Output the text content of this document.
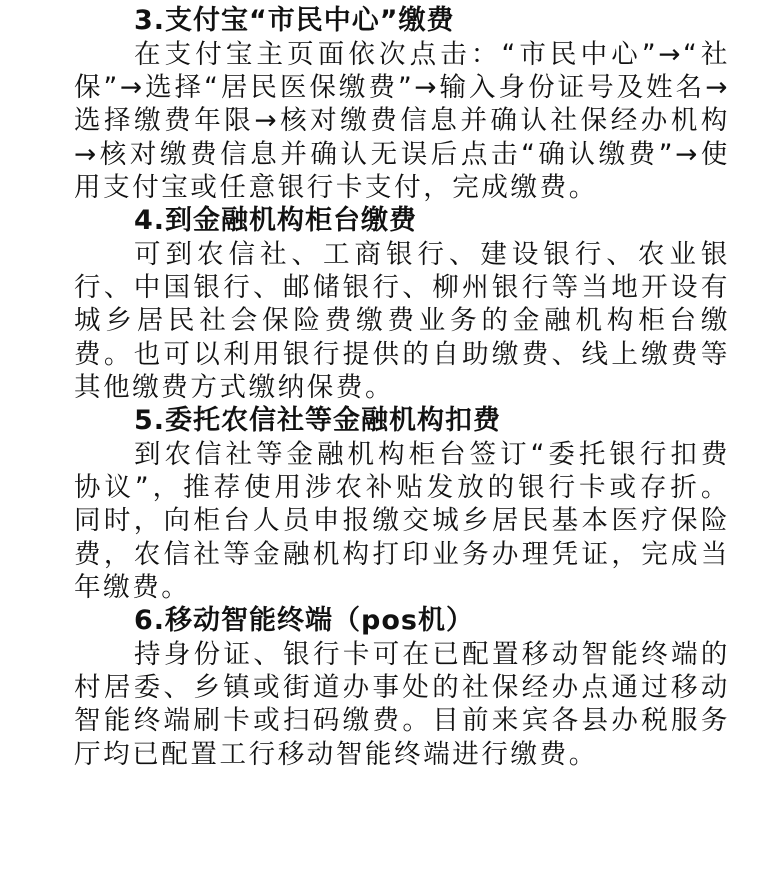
3.支付宝“市民中心”缴费

在支付宝主页面依次点击：“市民中心”→“社保”→选择“居民医保缴费”→输入身份证号及姓名→选择缴费年限→核对缴费信息并确认社保经办机构→核对缴费信息并确认无误后点击“确认缴费”→使用支付宝或任意银行卡支付，完成缴费。

4.到金融机构柜台缴费

可到农信社、工商银行、建设银行、农业银行、中国银行、邮储银行、柳州银行等当地开设有城乡居民社会保险费缴费业务的金融机构柜台缴费。也可以利用银行提供的自助缴费、线上缴费等其他缴费方式缴纳保费。

5.委托农信社等金融机构扣费

到农信社等金融机构柜台签订“委托银行扣费协议”，推荐使用涉农补贴发放的银行卡或存折。同时，向柜台人员申报缴交城乡居民基本医疗保险费，农信社等金融机构打印业务办理凭证，完成当年缴费。

6.移动智能终端（pos机）

持身份证、银行卡可在已配置移动智能终端的村居委、乡镇或街道办事处的社保经办点通过移动智能终端刷卡或扫码缴费。目前来宾各县办税服务厅均已配置工行移动智能终端进行缴费。
